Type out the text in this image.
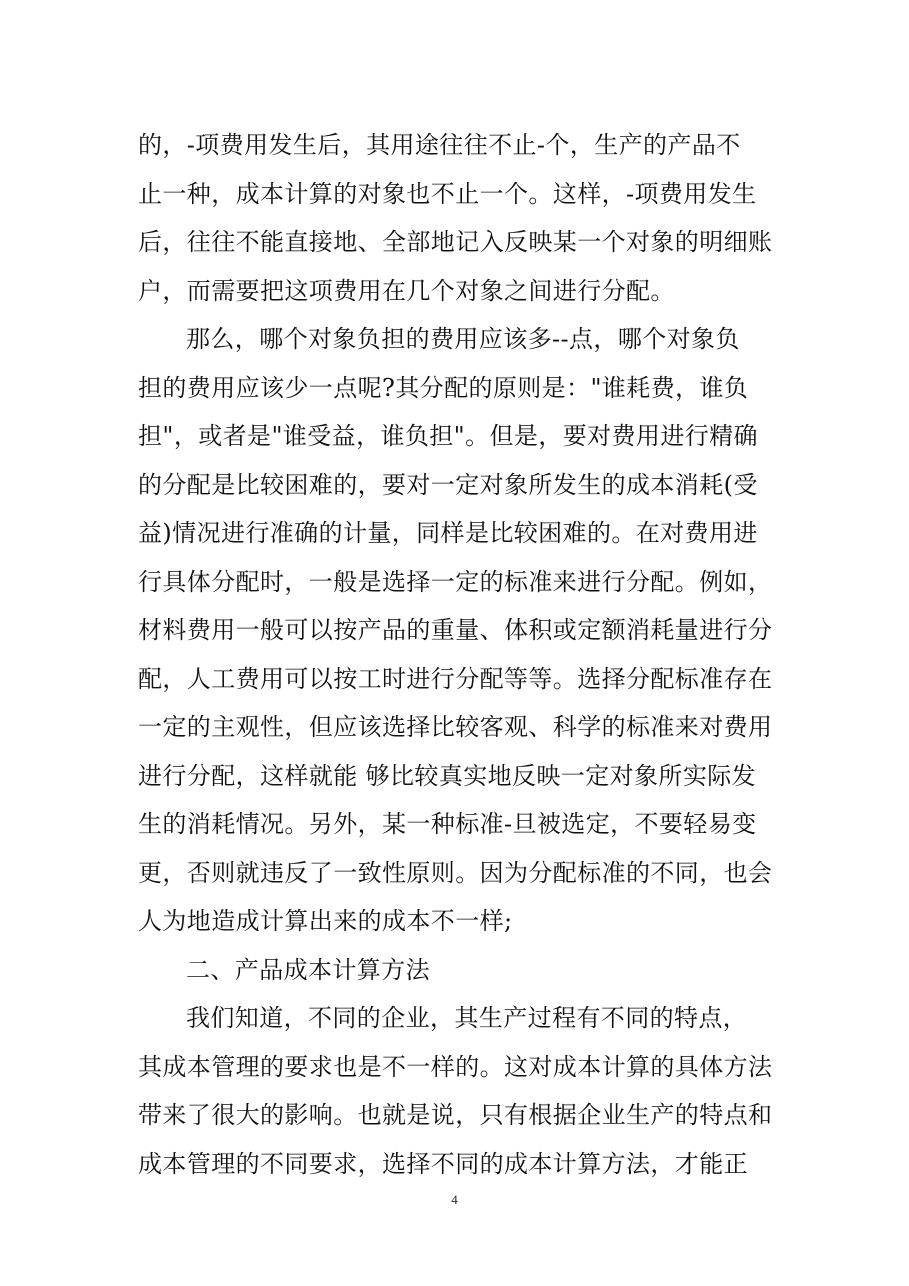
的，-项费用发生后，其用途往往不止-个，生产的产品不
止一种，成本计算的对象也不止一个。这样，-项费用发生
后，往往不能直接地、全部地记入反映某一个对象的明细账
户，而需要把这项费用在几个对象之间进行分配。
那么，哪个对象负担的费用应该多--点，哪个对象负
担的费用应该少一点呢?其分配的原则是："谁耗费，谁负
担"，或者是"谁受益，谁负担"。但是，要对费用进行精确
的分配是比较困难的，要对一定对象所发生的成本消耗(受
益)情况进行准确的计量，同样是比较困难的。在对费用进
行具体分配时，一般是选择一定的标准来进行分配。例如，
材料费用一般可以按产品的重量、体积或定额消耗量进行分
配，人工费用可以按工时进行分配等等。选择分配标准存在
一定的主观性，但应该选择比较客观、科学的标准来对费用
进行分配，这样就能 够比较真实地反映一定对象所实际发
生的消耗情况。另外，某一种标准-旦被选定，不要轻易变
更，否则就违反了一致性原则。因为分配标准的不同，也会
人为地造成计算出来的成本不一样;
二、产品成本计算方法
我们知道，不同的企业，其生产过程有不同的特点，
其成本管理的要求也是不一样的。这对成本计算的具体方法
带来了很大的影响。也就是说，只有根据企业生产的特点和
成本管理的不同要求，选择不同的成本计算方法，才能正
4
